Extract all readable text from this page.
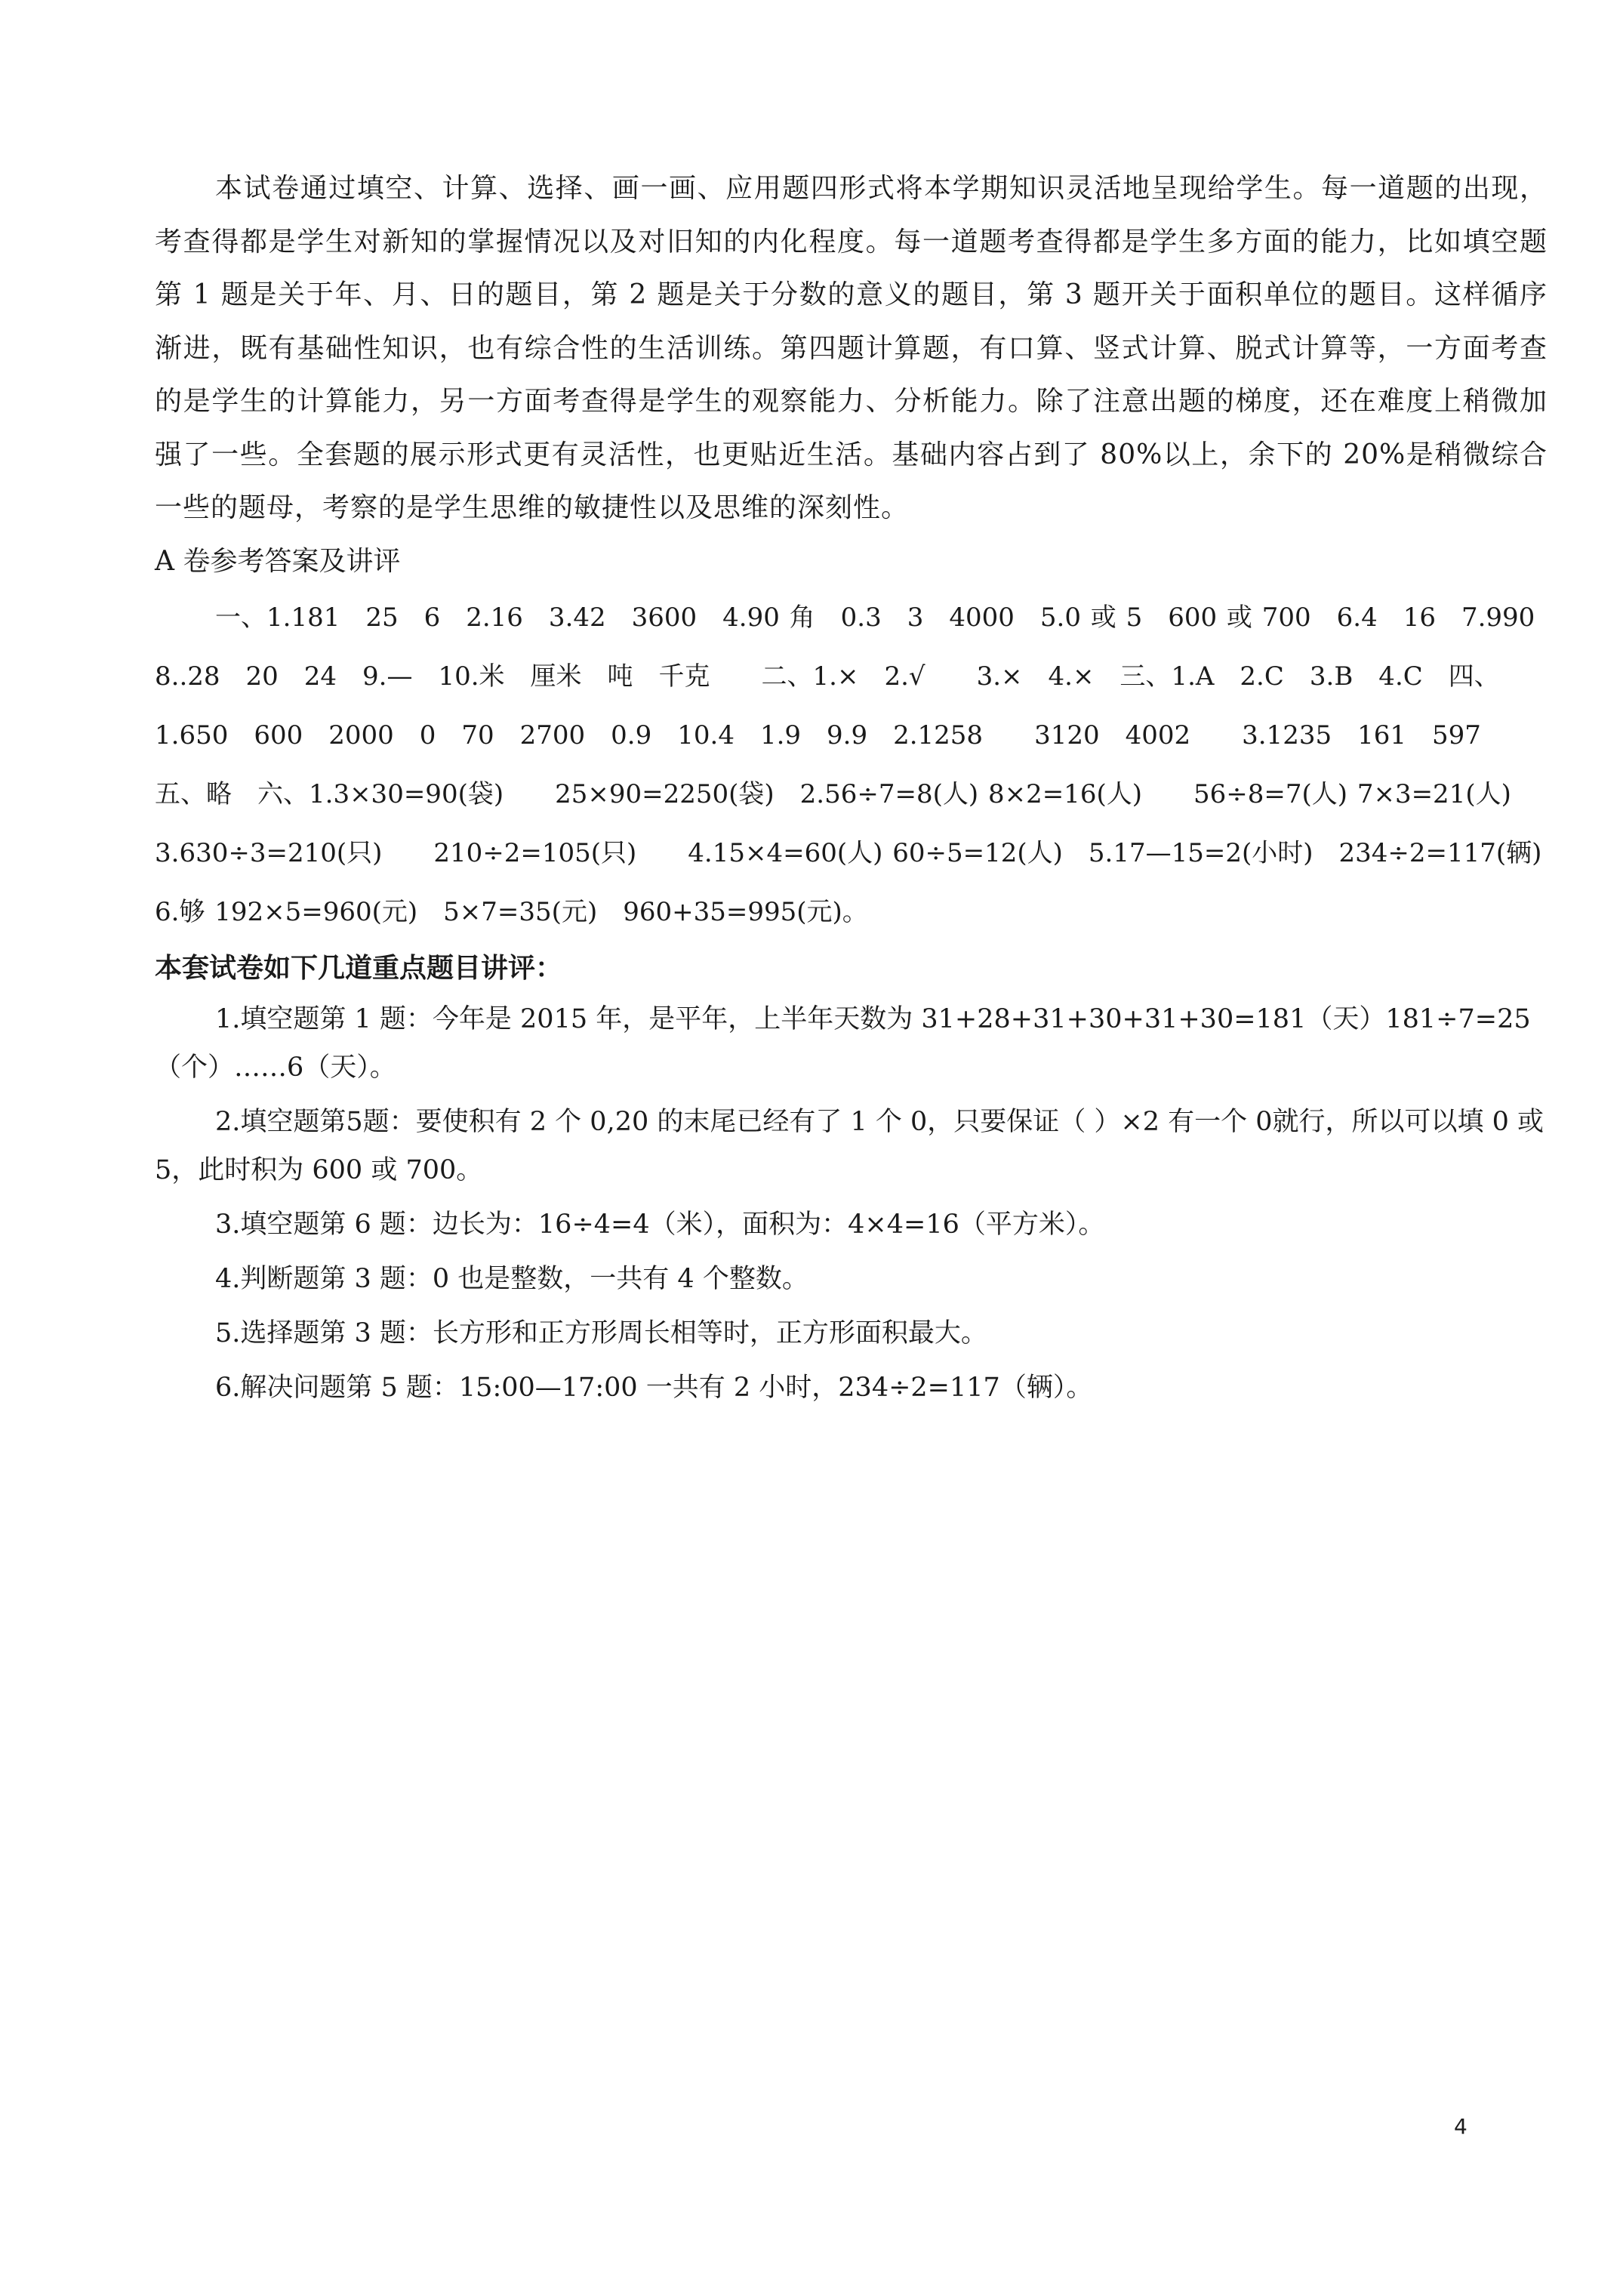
本试卷通过填空、计算、选择、画一画、应用题四形式将本学期知识灵活地呈现给学生。每一道题的出现，考查得都是学生对新知的掌握情况以及对旧知的内化程度。每一道题考查得都是学生多方面的能力，比如填空题第 1 题是关于年、月、日的题目，第 2 题是关于分数的意义的题目，第 3 题开关于面积单位的题目。这样循序渐进，既有基础性知识，也有综合性的生活训练。第四题计算题，有口算、竖式计算、脱式计算等，一方面考查的是学生的计算能力，另一方面考查得是学生的观察能力、分析能力。除了注意出题的梯度，还在难度上稍微加强了一些。全套题的展示形式更有灵活性，也更贴近生活。基础内容占到了 80%以上，余下的 20%是稍微综合一些的题母，考察的是学生思维的敏捷性以及思维的深刻性。

A 卷参考答案及讲评

一、1.181　25　6　2.16　3.42　3600　4.90 角　0.3　3　4000　5.0 或 5　600 或 700　6.4　16　7.990　8..28　20　24　9.—　10.米　厘米　吨　千克　　二、1.×　2.√　　3.×　4.×　三、1.A　2.C　3.B　4.C　四、1.650　600　2000　0　70　2700　0.9　10.4　1.9　9.9　2.1258　　3120　4002　　3.1235　161　597　五、略　六、1.3×30=90(袋)　　25×90=2250(袋)　2.56÷7=8(人) 8×2=16(人)　　56÷8=7(人) 7×3=21(人)　　3.630÷3=210(只)　　210÷2=105(只)　　4.15×4=60(人) 60÷5=12(人)　5.17—15=2(小时)　234÷2=117(辆)　　6.够 192×5=960(元)　5×7=35(元)　960+35=995(元)。

本套试卷如下几道重点题目讲评：

1.填空题第 1 题：今年是 2015 年，是平年，上半年天数为 31+28+31+30+31+30=181（天）181÷7=25（个）……6（天）。
2.填空题第5题：要使积有 2 个 0,20 的末尾已经有了 1 个 0，只要保证（ ）×2 有一个 0就行，所以可以填 0 或 5，此时积为 600 或 700。
3.填空题第 6 题：边长为：16÷4=4（米），面积为：4×4=16（平方米）。
4.判断题第 3 题：0 也是整数，一共有 4 个整数。
5.选择题第 3 题：长方形和正方形周长相等时，正方形面积最大。
6.解决问题第 5 题：15:00—17:00 一共有 2 小时，234÷2=117（辆）。
4
